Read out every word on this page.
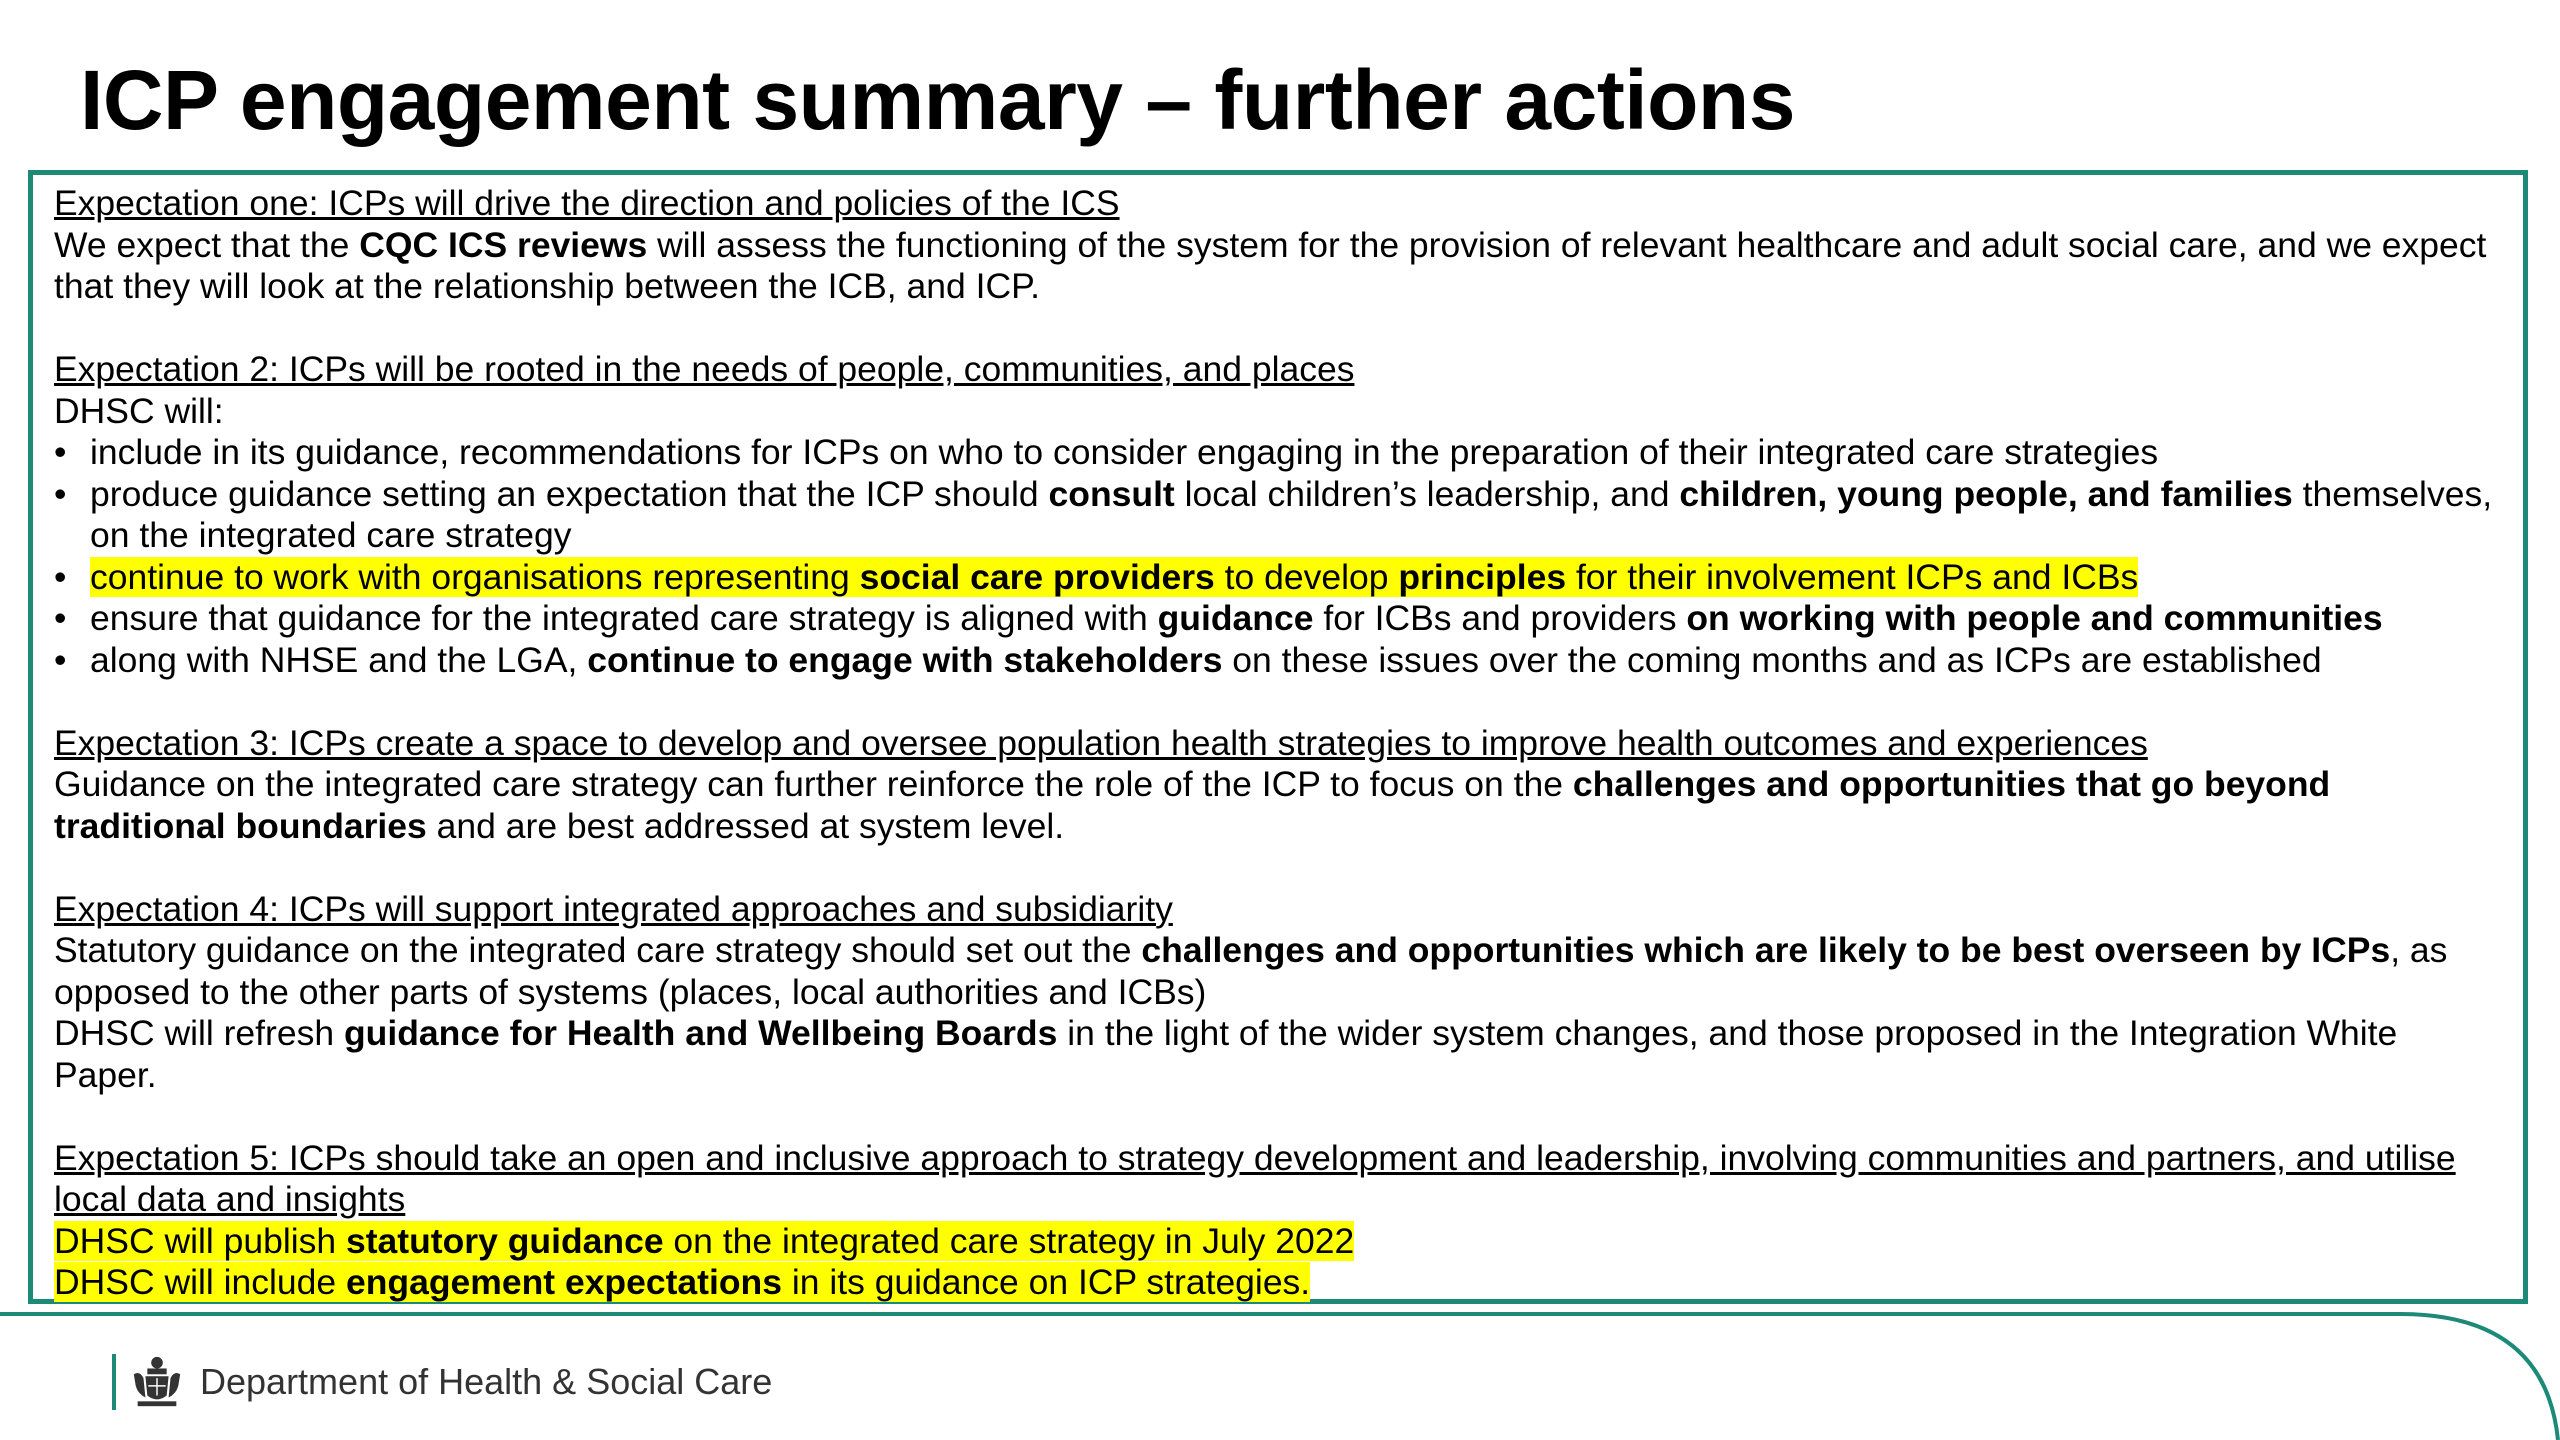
ICP engagement summary – further actions

Expectation one: ICPs will drive the direction and policies of the ICS

We expect that the CQC ICS reviews will assess the functioning of the system for the provision of relevant healthcare and adult social care, and we expect that they will look at the relationship between the ICB, and ICP.

Expectation 2: ICPs will be rooted in the needs of people, communities, and places

DHSC will:

• include in its guidance, recommendations for ICPs on who to consider engaging in the preparation of their integrated care strategies
• produce guidance setting an expectation that the ICP should consult local children’s leadership, and children, young people, and families themselves, on the integrated care strategy
• continue to work with organisations representing social care providers to develop principles for their involvement ICPs and ICBs
• ensure that guidance for the integrated care strategy is aligned with guidance for ICBs and providers on working with people and communities
• along with NHSE and the LGA, continue to engage with stakeholders on these issues over the coming months and as ICPs are established

Expectation 3: ICPs create a space to develop and oversee population health strategies to improve health outcomes and experiences

Guidance on the integrated care strategy can further reinforce the role of the ICP to focus on the challenges and opportunities that go beyond traditional boundaries and are best addressed at system level.

Expectation 4: ICPs will support integrated approaches and subsidiarity

Statutory guidance on the integrated care strategy should set out the challenges and opportunities which are likely to be best overseen by ICPs, as opposed to the other parts of systems (places, local authorities and ICBs)

DHSC will refresh guidance for Health and Wellbeing Boards in the light of the wider system changes, and those proposed in the Integration White Paper.

Expectation 5: ICPs should take an open and inclusive approach to strategy development and leadership, involving communities and partners, and utilise local data and insights

DHSC will publish statutory guidance on the integrated care strategy in July 2022

DHSC will include engagement expectations in its guidance on ICP strategies.

Department of Health & Social Care
